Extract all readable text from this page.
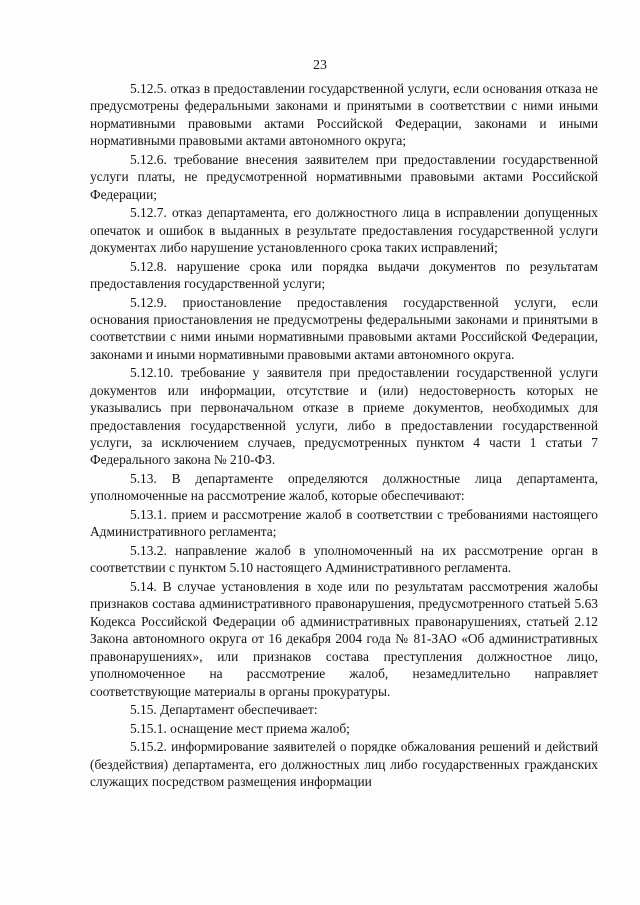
23

5.12.5. отказ в предоставлении государственной услуги, если основания отказа не предусмотрены федеральными законами и принятыми в соответствии с ними иными нормативными правовыми актами Российской Федерации, законами и иными нормативными правовыми актами автономного округа;

5.12.6. требование внесения заявителем при предоставлении государственной услуги платы, не предусмотренной нормативными правовыми актами Российской Федерации;

5.12.7. отказ департамента, его должностного лица в исправлении допущенных опечаток и ошибок в выданных в результате предоставления государственной услуги документах либо нарушение установленного срока таких исправлений;

5.12.8. нарушение срока или порядка выдачи документов по результатам предоставления государственной услуги;

5.12.9. приостановление предоставления государственной услуги, если основания приостановления не предусмотрены федеральными законами и принятыми в соответствии с ними иными нормативными правовыми актами Российской Федерации, законами и иными нормативными правовыми актами автономного округа.

5.12.10. требование у заявителя при предоставлении государственной услуги документов или информации, отсутствие и (или) недостоверность которых не указывались при первоначальном отказе в приеме документов, необходимых для предоставления государственной услуги, либо в предоставлении государственной услуги, за исключением случаев, предусмотренных пунктом 4 части 1 статьи 7 Федерального закона № 210-ФЗ.

5.13. В департаменте определяются должностные лица департамента, уполномоченные на рассмотрение жалоб, которые обеспечивают:

5.13.1. прием и рассмотрение жалоб в соответствии с требованиями настоящего Административного регламента;

5.13.2. направление жалоб в уполномоченный на их рассмотрение орган в соответствии с пунктом 5.10 настоящего Административного регламента.

5.14. В случае установления в ходе или по результатам рассмотрения жалобы признаков состава административного правонарушения, предусмотренного статьей 5.63 Кодекса Российской Федерации об административных правонарушениях, статьей 2.12 Закона автономного округа от 16 декабря 2004 года № 81-ЗАО «Об административных правонарушениях», или признаков состава преступления должностное лицо, уполномоченное на рассмотрение жалоб, незамедлительно направляет соответствующие материалы в органы прокуратуры.

5.15. Департамент обеспечивает:

5.15.1. оснащение мест приема жалоб;

5.15.2. информирование заявителей о порядке обжалования решений и действий (бездействия) департамента, его должностных лиц либо государственных гражданских служащих посредством размещения информации
